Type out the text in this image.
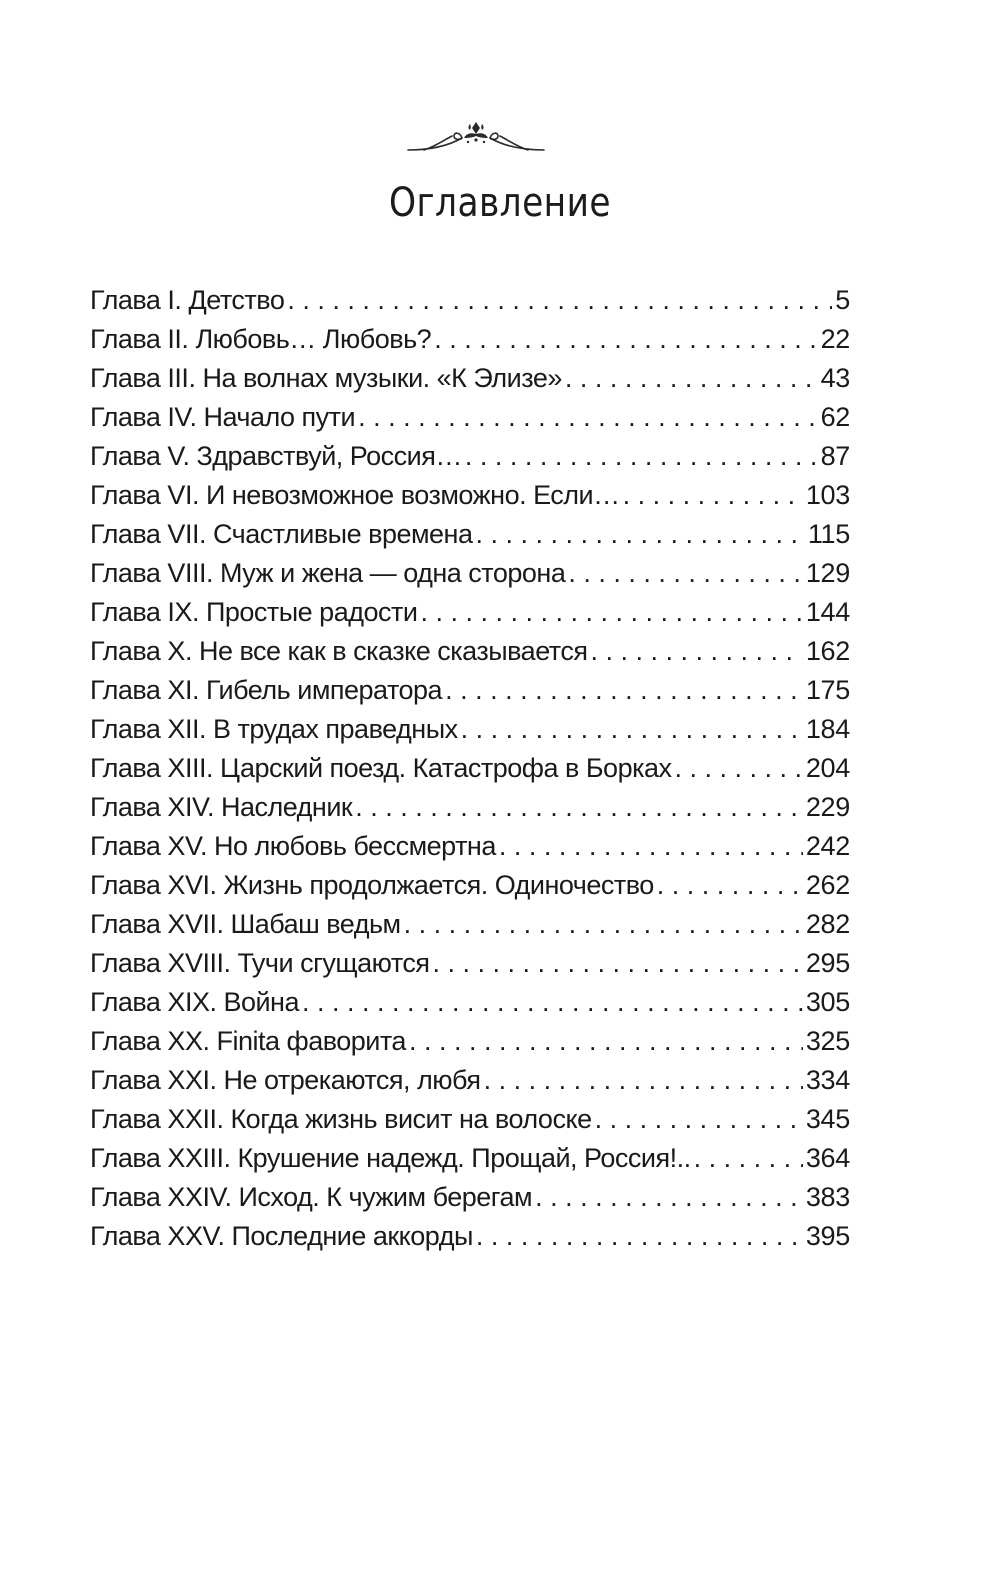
Оглавление
Глава I. Детство . . .	5
Глава II. Любовь… Любовь? . . .	22
Глава III. На волнах музыки. «К Элизе» . . .	43
Глава IV. Начало пути . . .	62
Глава V. Здравствуй, Россия… . . .	87
Глава VI. И невозможное возможно. Если… . . .	103
Глава VII. Счастливые времена . . .	115
Глава VIII. Муж и жена — одна сторона . . .	129
Глава IX. Простые радости . . .	144
Глава X. Не все как в сказке сказывается . . .	162
Глава XI. Гибель императора . . .	175
Глава XII. В трудах праведных . . .	184
Глава XIII. Царский поезд. Катастрофа в Борках . . .	204
Глава XIV. Наследник . . .	229
Глава XV. Но любовь бессмертна . . .	242
Глава XVI. Жизнь продолжается. Одиночество . . .	262
Глава XVII. Шабаш ведьм . . .	282
Глава XVIII. Тучи сгущаются . . .	295
Глава XIX. Война . . .	305
Глава XX. Finita фаворита . . .	325
Глава XXI. Не отрекаются, любя . . .	334
Глава XXII. Когда жизнь висит на волоске . . .	345
Глава XXIII. Крушение надежд. Прощай, Россия!.. . . .	364
Глава XXIV. Исход. К чужим берегам . . .	383
Глава XXV. Последние аккорды . . .	395
